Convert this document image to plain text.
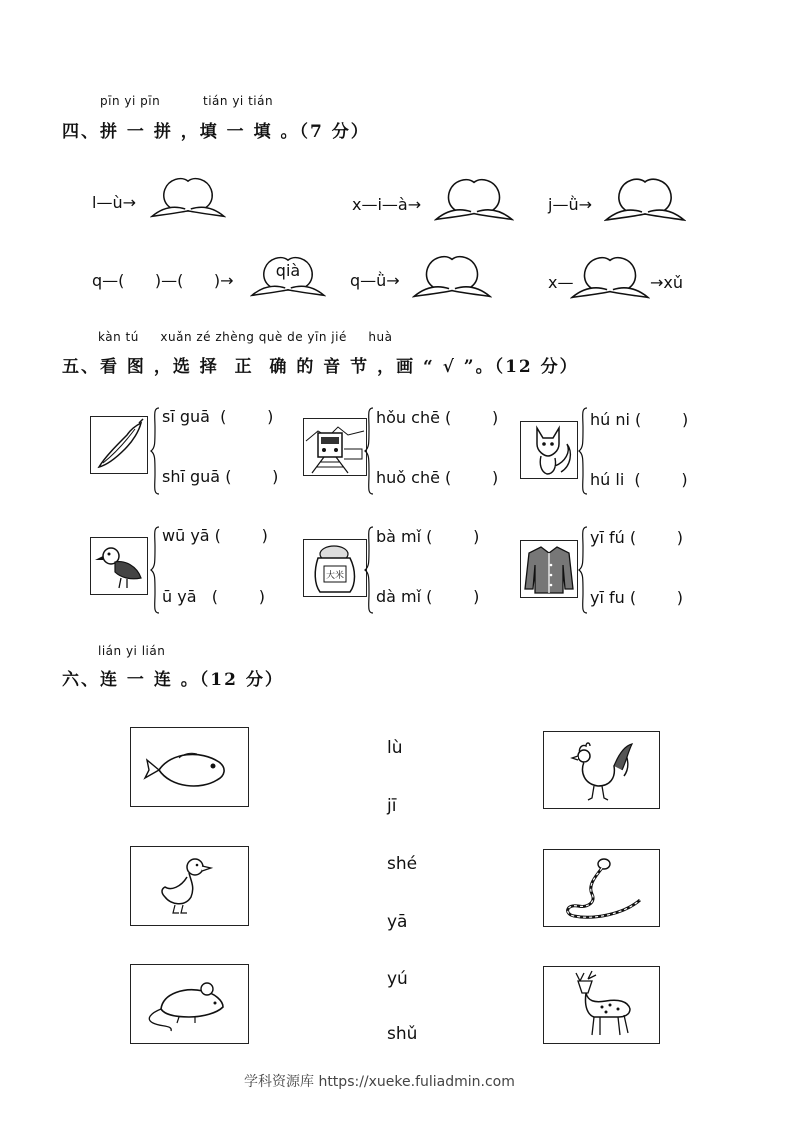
pīn yi pīn	tián yi tián
四、拼 一 拼 ，填 一 填 。（7 分）
l—ù→	x—i—à→	j—ǜ→
q—(      )—(      )→
qià
q—ǜ→	x—	→xǔ
kàn tú     xuǎn zé zhèng què de yīn jié     huà
五、看 图 ，选 择  正  确 的 音 节 ，画 “ √ ”。（12 分）
sī guā  (        )
shī guā (        )
hǒu chē (        )
huǒ chē (        )
hú ni (        )
hú li  (        )
wū yā (        )
ū yā   (        )
大米
bà mǐ (        )
dà mǐ (        )
yī fú (        )
yī fu (        )
lián yi lián
六、连 一 连 。（12 分）
lù
jī
shé
yā
yú
shǔ
学科资源库 https://xueke.fuliadmin.com
